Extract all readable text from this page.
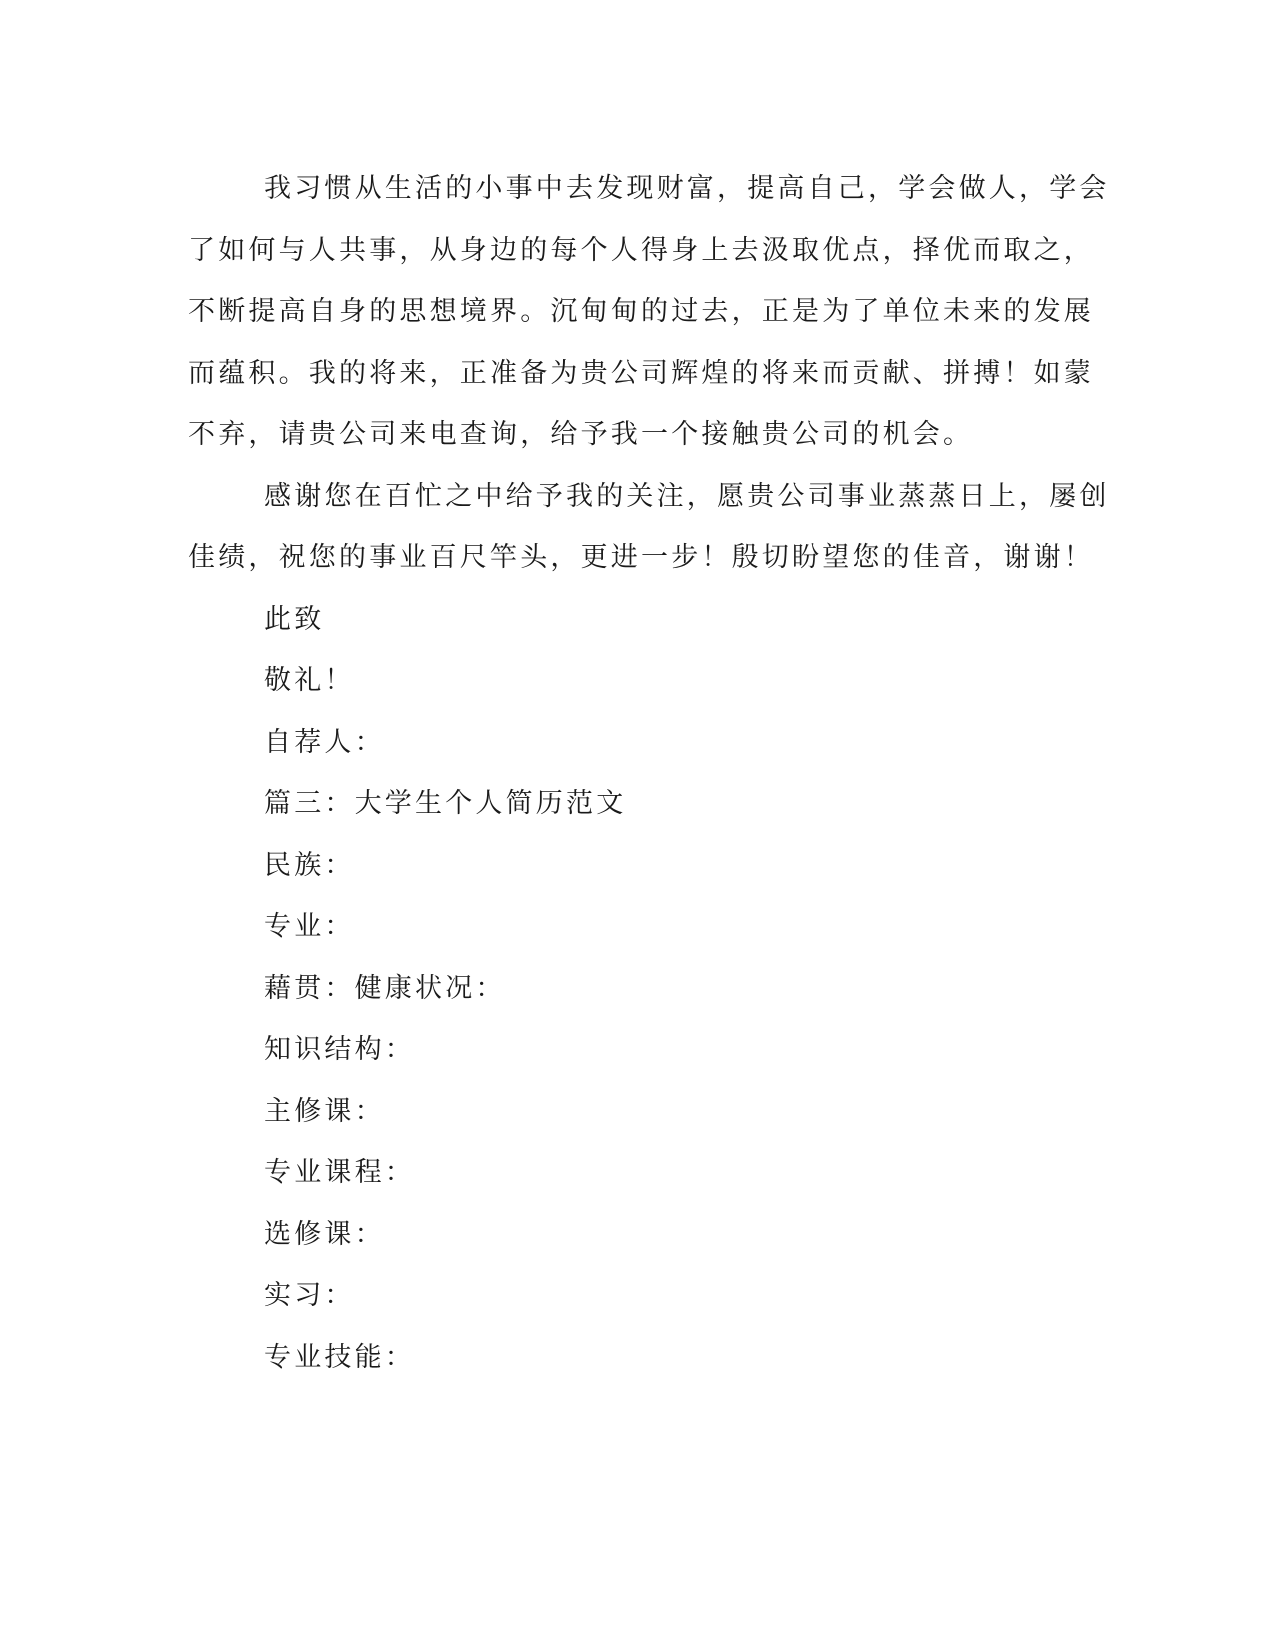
我习惯从生活的小事中去发现财富，提高自己，学会做人，学会
了如何与人共事，从身边的每个人得身上去汲取优点，择优而取之，
不断提高自身的思想境界。沉甸甸的过去，正是为了单位未来的发展
而蕴积。我的将来，正准备为贵公司辉煌的将来而贡献、拼搏！如蒙
不弃，请贵公司来电查询，给予我一个接触贵公司的机会。
感谢您在百忙之中给予我的关注，愿贵公司事业蒸蒸日上，屡创
佳绩，祝您的事业百尺竿头，更进一步！殷切盼望您的佳音，谢谢！
此致
敬礼！
自荐人：
篇三：大学生个人简历范文
民族：
专业：
藉贯：健康状况：
知识结构：
主修课：
专业课程：
选修课：
实习：
专业技能：
